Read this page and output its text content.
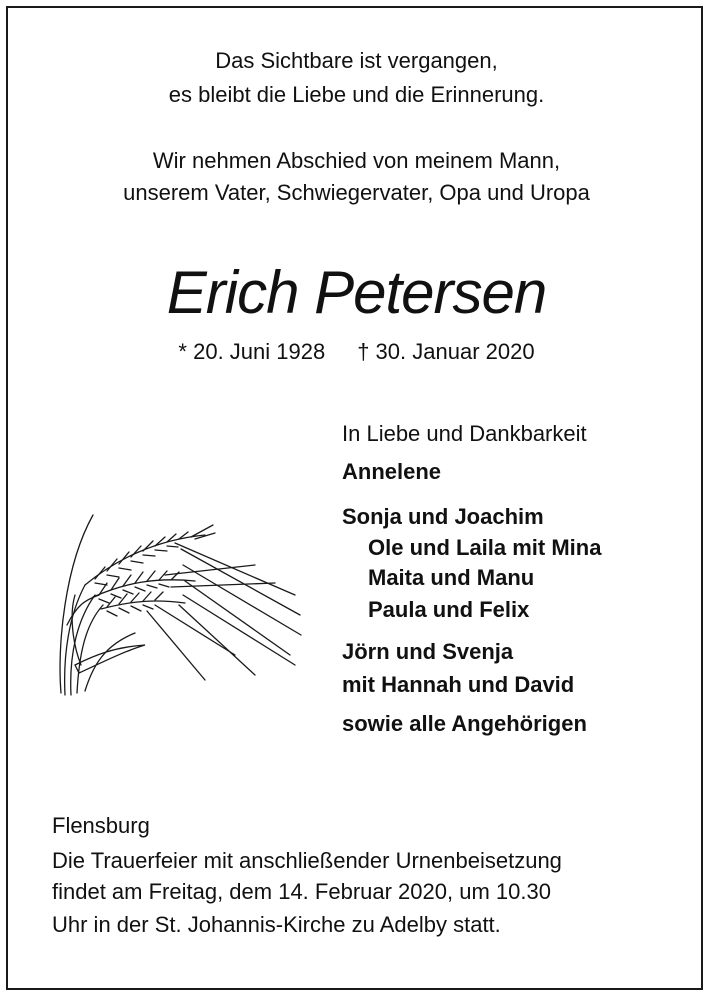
Das Sichtbare ist vergangen,
es bleibt die Liebe und die Erinnerung.
Wir nehmen Abschied von meinem Mann,
unserem Vater, Schwiegervater, Opa und Uropa
Erich Petersen
* 20. Juni 1928 † 30. Januar 2020
In Liebe und Dankbarkeit
Annelene
Sonja und Joachim
Ole und Laila mit Mina
Maita und Manu
Paula und Felix
Jörn und Svenja
mit Hannah und David
sowie alle Angehörigen
Flensburg
Die Trauerfeier mit anschließender Urnenbeisetzung
findet am Freitag, dem 14. Februar 2020, um 10.30
Uhr in der St. Johannis-Kirche zu Adelby statt.
